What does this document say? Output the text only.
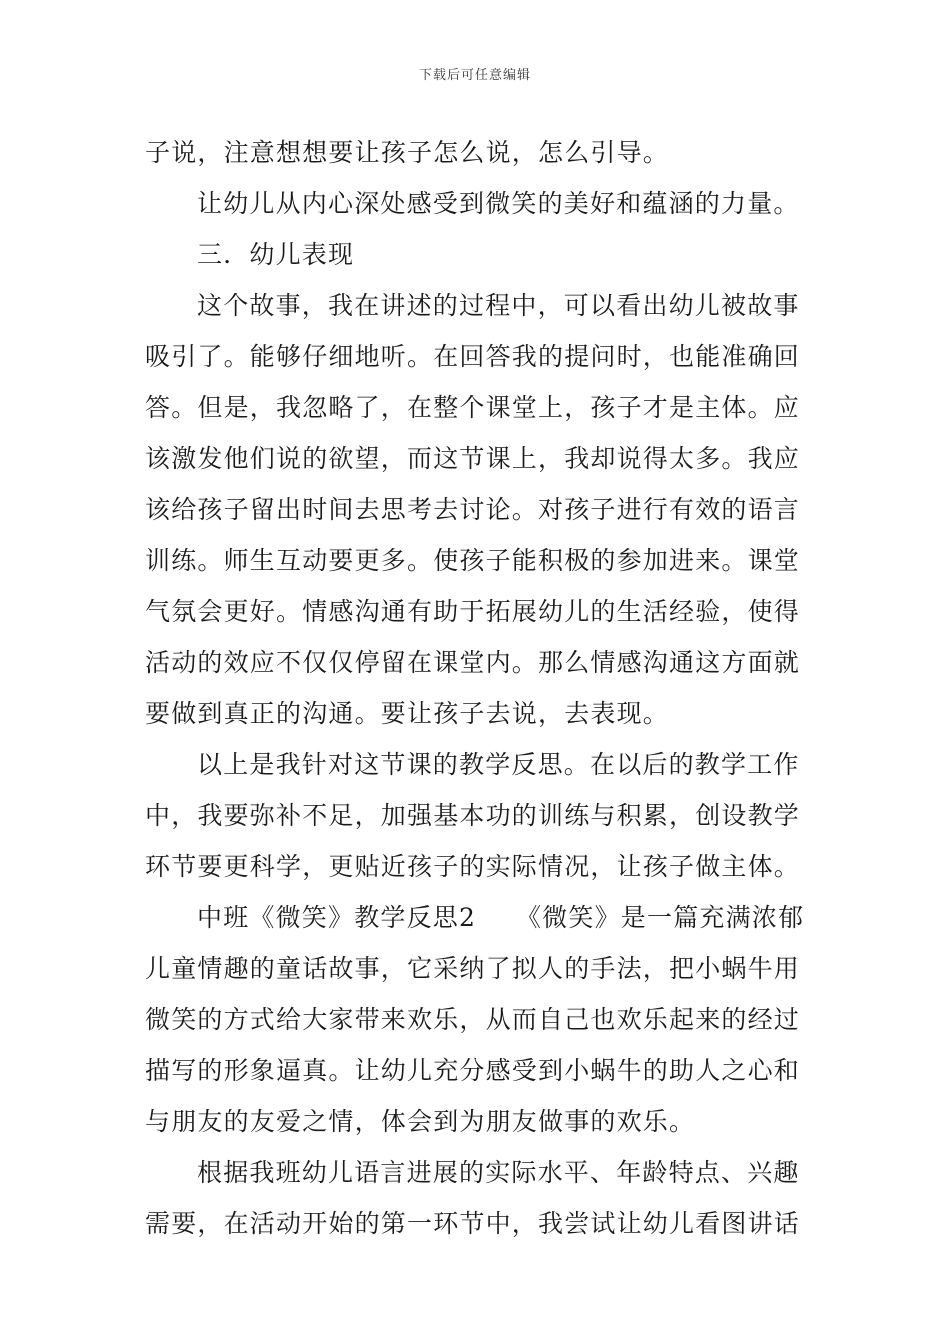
下载后可任意编辑
子说，注意想想要让孩子怎么说，怎么引导。
让幼儿从内心深处感受到微笑的美好和蕴涵的力量。
三．幼儿表现
这个故事，我在讲述的过程中，可以看出幼儿被故事
吸引了。能够仔细地听。在回答我的提问时，也能准确回
答。但是，我忽略了，在整个课堂上，孩子才是主体。应
该激发他们说的欲望，而这节课上，我却说得太多。我应
该给孩子留出时间去思考去讨论。对孩子进行有效的语言
训练。师生互动要更多。使孩子能积极的参加进来。课堂
气氛会更好。情感沟通有助于拓展幼儿的生活经验，使得
活动的效应不仅仅停留在课堂内。那么情感沟通这方面就
要做到真正的沟通。要让孩子去说，去表现。
以上是我针对这节课的教学反思。在以后的教学工作
中，我要弥补不足，加强基本功的训练与积累，创设教学
环节要更科学，更贴近孩子的实际情况，让孩子做主体。
中班《微笑》教学反思2　　《微笑》是一篇充满浓郁
儿童情趣的童话故事，它采纳了拟人的手法，把小蜗牛用
微笑的方式给大家带来欢乐，从而自己也欢乐起来的经过
描写的形象逼真。让幼儿充分感受到小蜗牛的助人之心和
与朋友的友爱之情，体会到为朋友做事的欢乐。
根据我班幼儿语言进展的实际水平、年龄特点、兴趣
需要，在活动开始的第一环节中，我尝试让幼儿看图讲话
